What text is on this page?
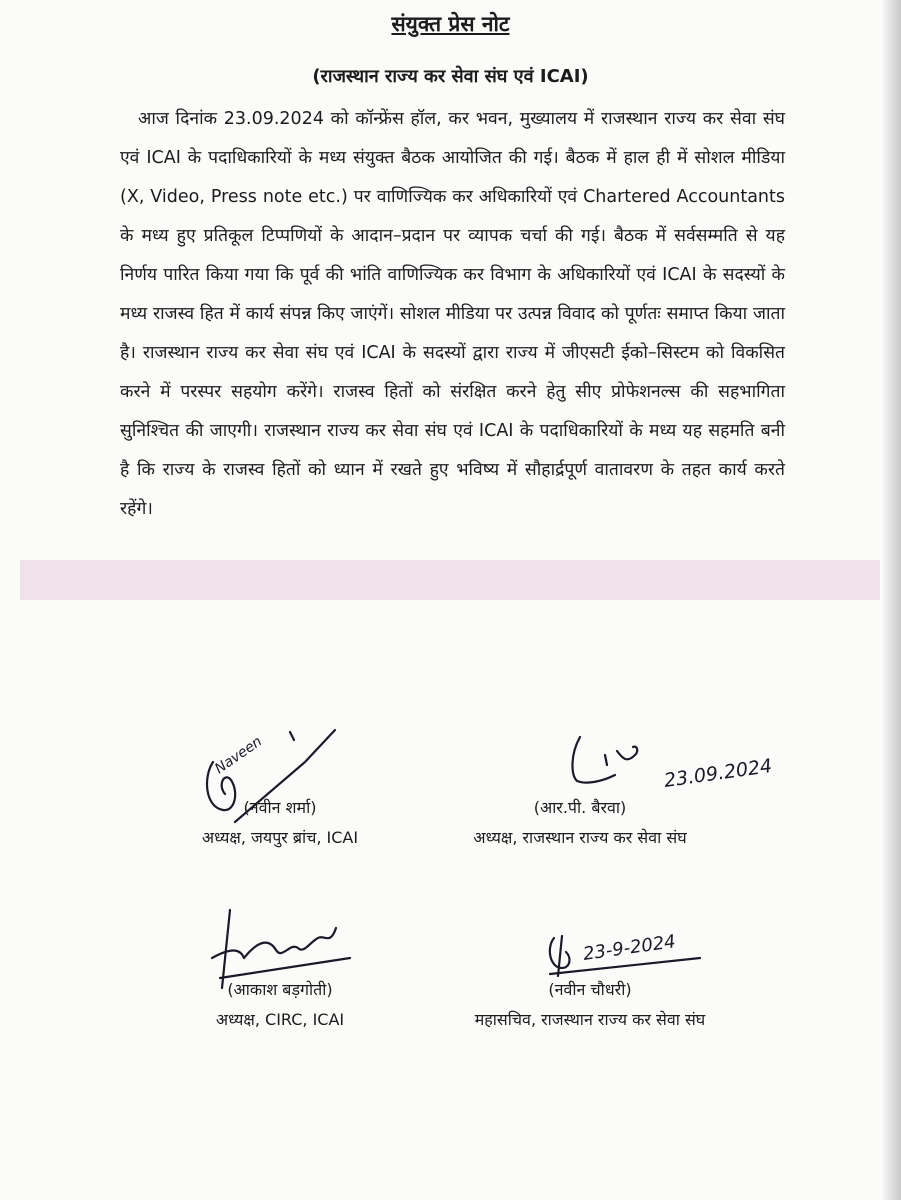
संयुक्त प्रेस नोट
(राजस्थान राज्य कर सेवा संघ एवं ICAI)
आज दिनांक 23.09.2024 को कॉन्फ्रेंस हॉल, कर भवन, मुख्यालय में राजस्थान राज्य कर सेवा संघ एवं ICAI के पदाधिकारियों के मध्य संयुक्त बैठक आयोजित की गई। बैठक में हाल ही में सोशल मीडिया (X, Video, Press note etc.) पर वाणिज्यिक कर अधिकारियों एवं Chartered Accountants के मध्य हुए प्रतिकूल टिप्पणियों के आदान–प्रदान पर व्यापक चर्चा की गई। बैठक में सर्वसम्मति से यह निर्णय पारित किया गया कि पूर्व की भांति वाणिज्यिक कर विभाग के अधिकारियों एवं ICAI के सदस्यों के मध्य राजस्व हित में कार्य संपन्न किए जाएंगें। सोशल मीडिया पर उत्पन्न विवाद को पूर्णतः समाप्त किया जाता है। राजस्थान राज्य कर सेवा संघ एवं ICAI के सदस्यों द्वारा राज्य में जीएसटी ईको–सिस्टम को विकसित करने में परस्पर सहयोग करेंगे। राजस्व हितों को संरक्षित करने हेतु सीए प्रोफेशनल्स की सहभागिता सुनिश्चित की जाएगी। राजस्थान राज्य कर सेवा संघ एवं ICAI के पदाधिकारियों के मध्य यह सहमति बनी है कि राज्य के राजस्व हितों को ध्यान में रखते हुए भविष्य में सौहार्द्रपूर्ण वातावरण के तहत कार्य करते रहेंगे।
Naveen	23.09.2024
23-9-2024
(नवीन शर्मा)
अध्यक्ष, जयपुर ब्रांच, ICAI
(आर.पी. बैरवा)
अध्यक्ष, राजस्थान राज्य कर सेवा संघ
(आकाश बड़गोती)
अध्यक्ष, CIRC, ICAI
(नवीन चौधरी)
महासचिव, राजस्थान राज्य कर सेवा संघ
